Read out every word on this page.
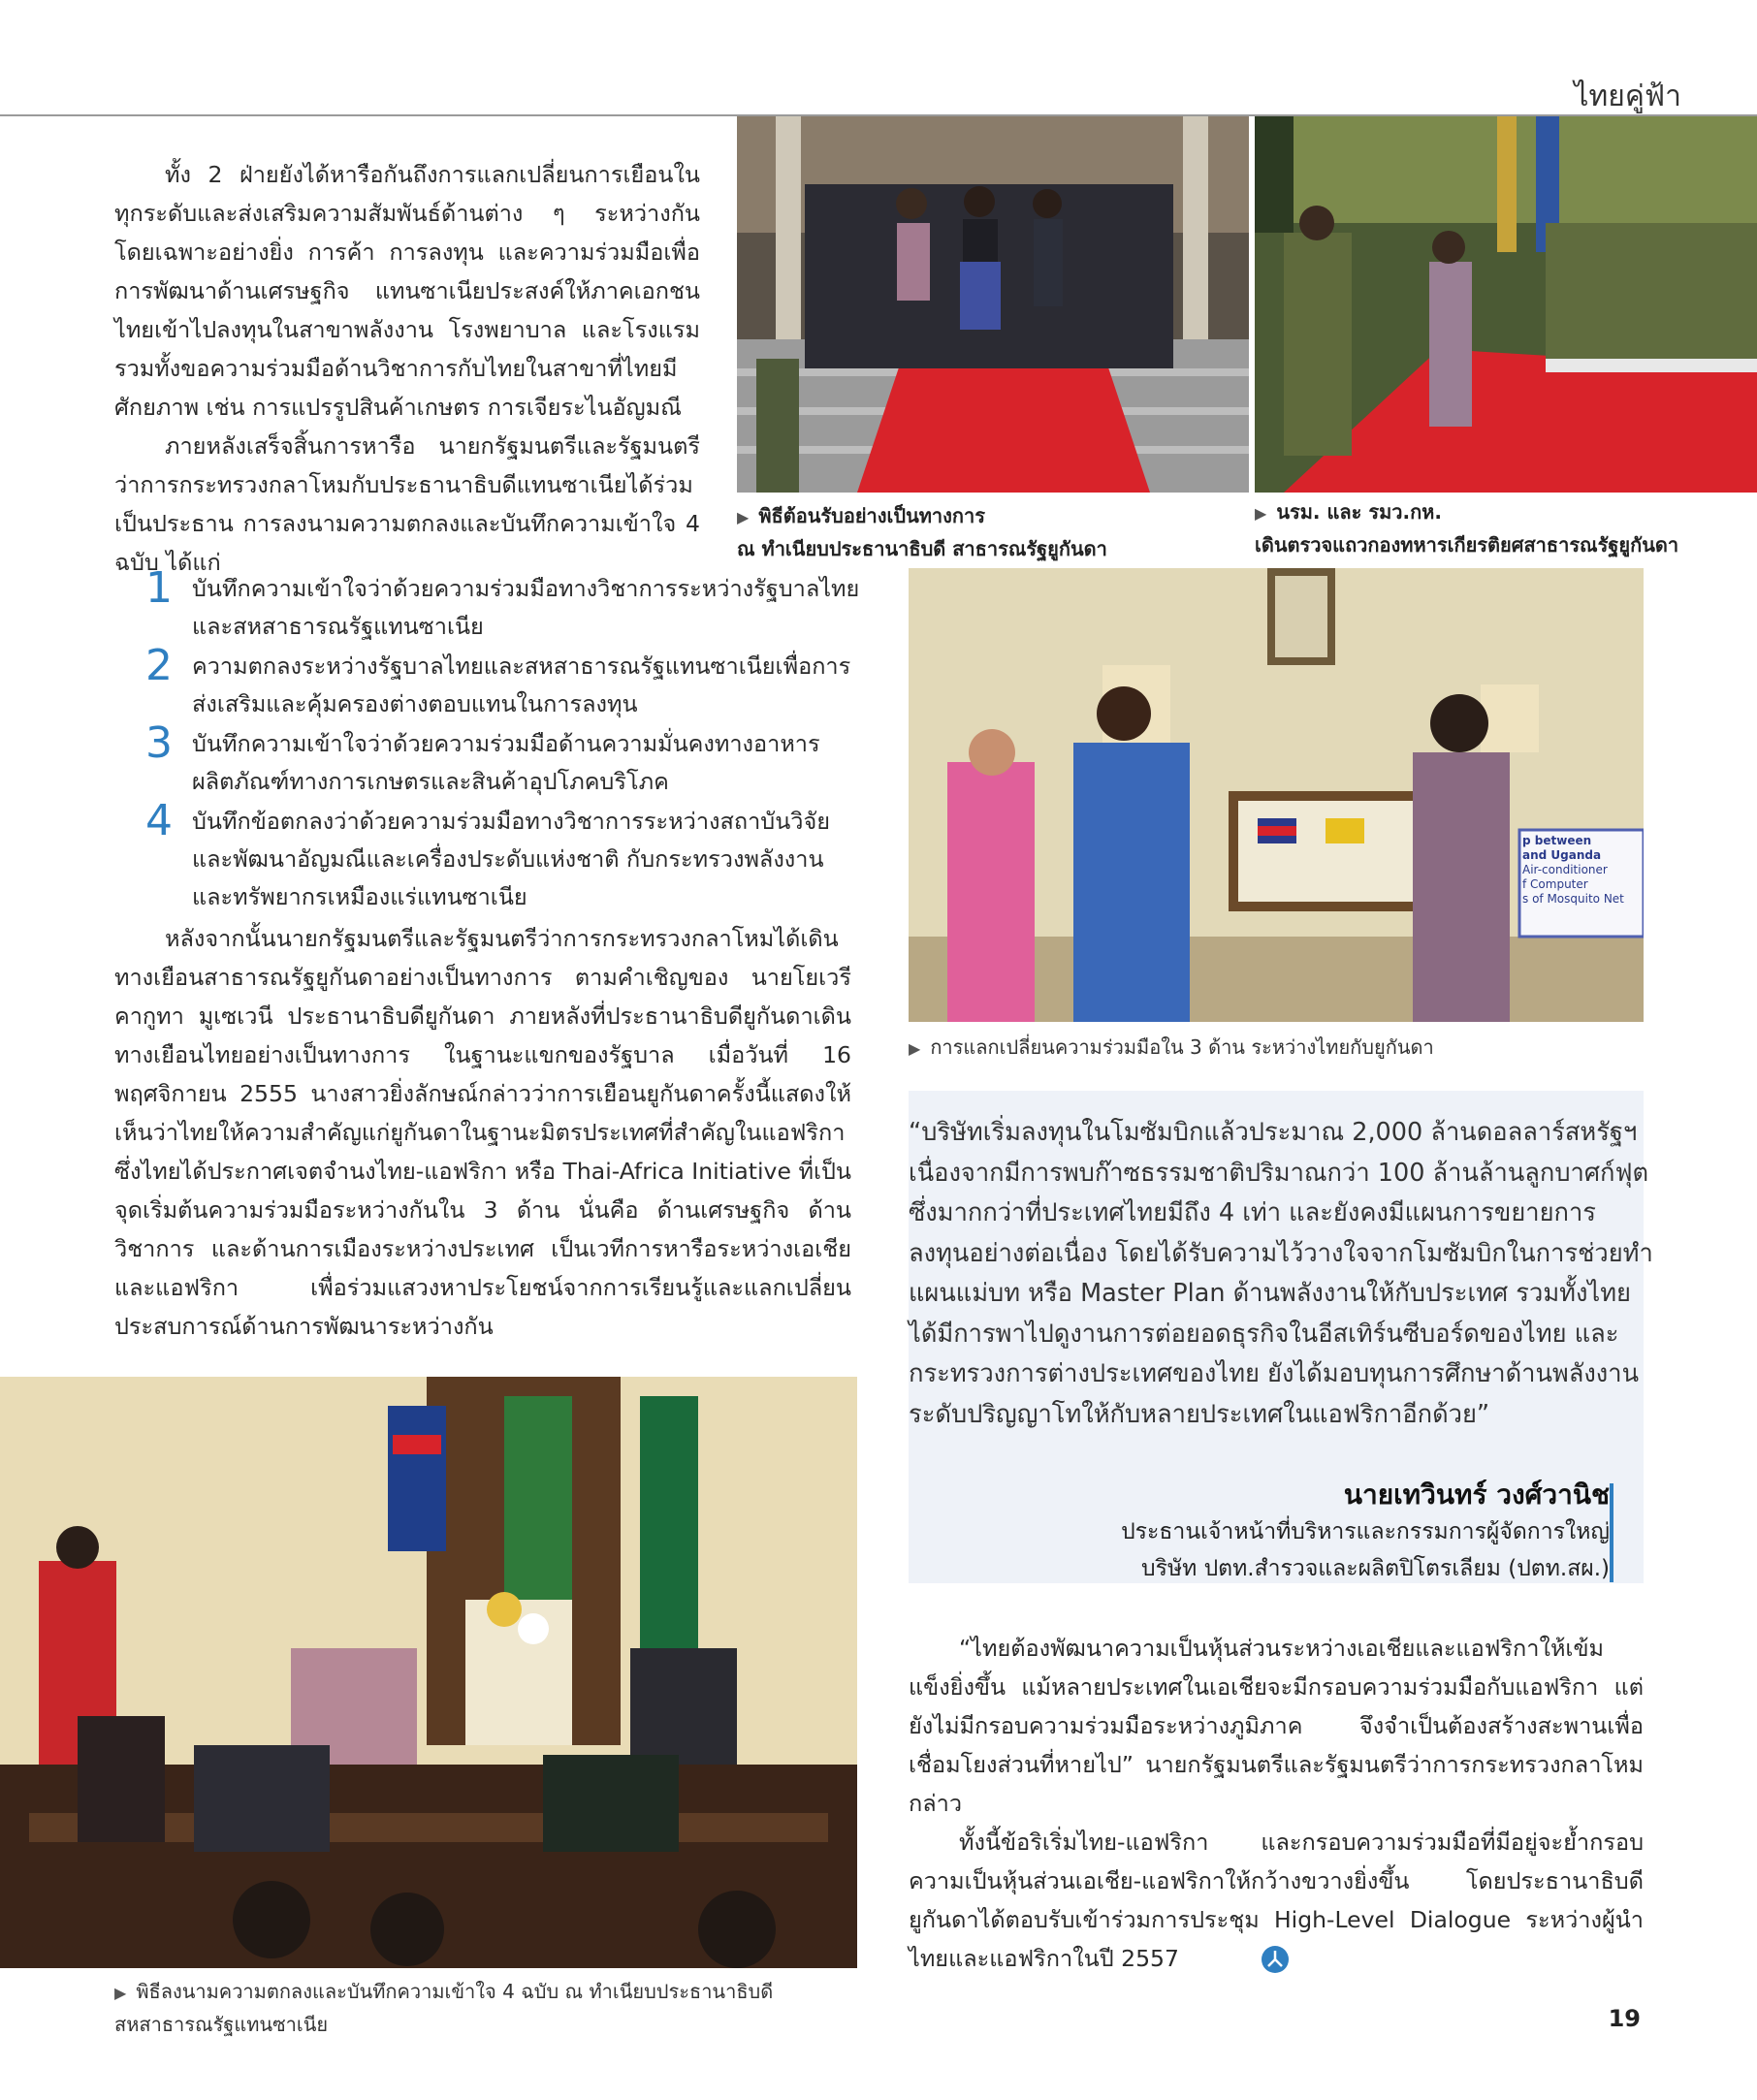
ไทยคู่ฟ้า

ทั้ง 2 ฝ่ายยังได้หารือกันถึงการแลกเปลี่ยนการเยือนในทุกระดับและส่งเสริมความสัมพันธ์ด้านต่าง ๆ ระหว่างกัน โดยเฉพาะอย่างยิ่ง การค้า การลงทุน และความร่วมมือเพื่อการพัฒนาด้านเศรษฐกิจ แทนซาเนียประสงค์ให้ภาคเอกชนไทยเข้าไปลงทุนในสาขาพลังงาน โรงพยาบาล และโรงแรม รวมทั้งขอความร่วมมือด้านวิชาการกับไทยในสาขาที่ไทยมีศักยภาพ เช่น การแปรรูปสินค้าเกษตร การเจียระไนอัญมณี

ภายหลังเสร็จสิ้นการหารือ นายกรัฐมนตรีและรัฐมนตรีว่าการกระทรวงกลาโหมกับประธานาธิบดีแทนซาเนียได้ร่วมเป็นประธาน การลงนามความตกลงและบันทึกความเข้าใจ 4 ฉบับ ได้แก่

1 บันทึกความเข้าใจว่าด้วยความร่วมมือทางวิชาการระหว่างรัฐบาลไทยและสหสาธารณรัฐแทนซาเนีย
2 ความตกลงระหว่างรัฐบาลไทยและสหสาธารณรัฐแทนซาเนียเพื่อการส่งเสริมและคุ้มครองต่างตอบแทนในการลงทุน
3 บันทึกความเข้าใจว่าด้วยความร่วมมือด้านความมั่นคงทางอาหาร ผลิตภัณฑ์ทางการเกษตรและสินค้าอุปโภคบริโภค
4 บันทึกข้อตกลงว่าด้วยความร่วมมือทางวิชาการระหว่างสถาบันวิจัยและพัฒนาอัญมณีและเครื่องประดับแห่งชาติ กับกระทรวงพลังงานและทรัพยากรเหมืองแร่แทนซาเนีย

หลังจากนั้นนายกรัฐมนตรีและรัฐมนตรีว่าการกระทรวงกลาโหมได้เดินทางเยือนสาธารณรัฐยูกันดาอย่างเป็นทางการ ตามคำเชิญของ นายโยเวรี คากูทา มูเซเวนี ประธานาธิบดียูกันดา ภายหลังที่ประธานาธิบดียูกันดาเดินทางเยือนไทยอย่างเป็นทางการ ในฐานะแขกของรัฐบาล เมื่อวันที่ 16 พฤศจิกายน 2555 นางสาวยิ่งลักษณ์กล่าวว่าการเยือนยูกันดาครั้งนี้แสดงให้เห็นว่าไทยให้ความสำคัญแก่ยูกันดาในฐานะมิตรประเทศที่สำคัญในแอฟริกา ซึ่งไทยได้ประกาศเจตจำนงไทย-แอฟริกา หรือ Thai-Africa Initiative ที่เป็นจุดเริ่มต้นความร่วมมือระหว่างกันใน 3 ด้าน นั่นคือ ด้านเศรษฐกิจ ด้านวิชาการ และด้านการเมืองระหว่างประเทศ เป็นเวทีการหารือระหว่างเอเชียและแอฟริกา เพื่อร่วมแสวงหาประโยชน์จากการเรียนรู้และแลกเปลี่ยนประสบการณ์ด้านการพัฒนาระหว่างกัน

▶ พิธีต้อนรับอย่างเป็นทางการ
ณ ทำเนียบประธานาธิบดี สาธารณรัฐยูกันดา
▶ นรม. และ รมว.กห.
เดินตรวจแถวกองทหารเกียรติยศสาธารณรัฐยูกันดา
p between
and Uganda
Air-conditioner
f Computer
s of Mosquito Net
▶ การแลกเปลี่ยนความร่วมมือใน 3 ด้าน ระหว่างไทยกับยูกันดา
“บริษัทเริ่มลงทุนในโมซัมบิกแล้วประมาณ 2,000 ล้านดอลลาร์สหรัฐฯ เนื่องจากมีการพบก๊าซธรรมชาติปริมาณกว่า 100 ล้านล้านลูกบาศก์ฟุต ซึ่งมากกว่าที่ประเทศไทยมีถึง 4 เท่า และยังคงมีแผนการขยายการลงทุนอย่างต่อเนื่อง โดยได้รับความไว้วางใจจากโมซัมบิกในการช่วยทำแผนแม่บท หรือ Master Plan ด้านพลังงานให้กับประเทศ รวมทั้งไทยได้มีการพาไปดูงานการต่อยอดธุรกิจในอีสเทิร์นซีบอร์ดของไทย และกระทรวงการต่างประเทศของไทย ยังได้มอบทุนการศึกษาด้านพลังงานระดับปริญญาโทให้กับหลายประเทศในแอฟริกาอีกด้วย”
นายเทวินทร์ วงศ์วานิช
ประธานเจ้าหน้าที่บริหารและกรรมการผู้จัดการใหญ่
บริษัท ปตท.สำรวจและผลิตปิโตรเลียม (ปตท.สผ.)
▶ พิธีลงนามความตกลงและบันทึกความเข้าใจ 4 ฉบับ ณ ทำเนียบประธานาธิบดี
สหสาธารณรัฐแทนซาเนีย

“ไทยต้องพัฒนาความเป็นหุ้นส่วนระหว่างเอเชียและแอฟริกาให้เข้มแข็งยิ่งขึ้น แม้หลายประเทศในเอเชียจะมีกรอบความร่วมมือกับแอฟริกา แต่ยังไม่มีกรอบความร่วมมือระหว่างภูมิภาค จึงจำเป็นต้องสร้างสะพานเพื่อเชื่อมโยงส่วนที่หายไป” นายกรัฐมนตรีและรัฐมนตรีว่าการกระทรวงกลาโหมกล่าว

ทั้งนี้ข้อริเริ่มไทย-แอฟริกา และกรอบความร่วมมือที่มีอยู่จะย้ำกรอบความเป็นหุ้นส่วนเอเชีย-แอฟริกาให้กว้างขวางยิ่งขึ้น โดยประธานาธิบดียูกันดาได้ตอบรับเข้าร่วมการประชุม High-Level Dialogue ระหว่างผู้นำไทยและแอฟริกาในปี 2557

19
